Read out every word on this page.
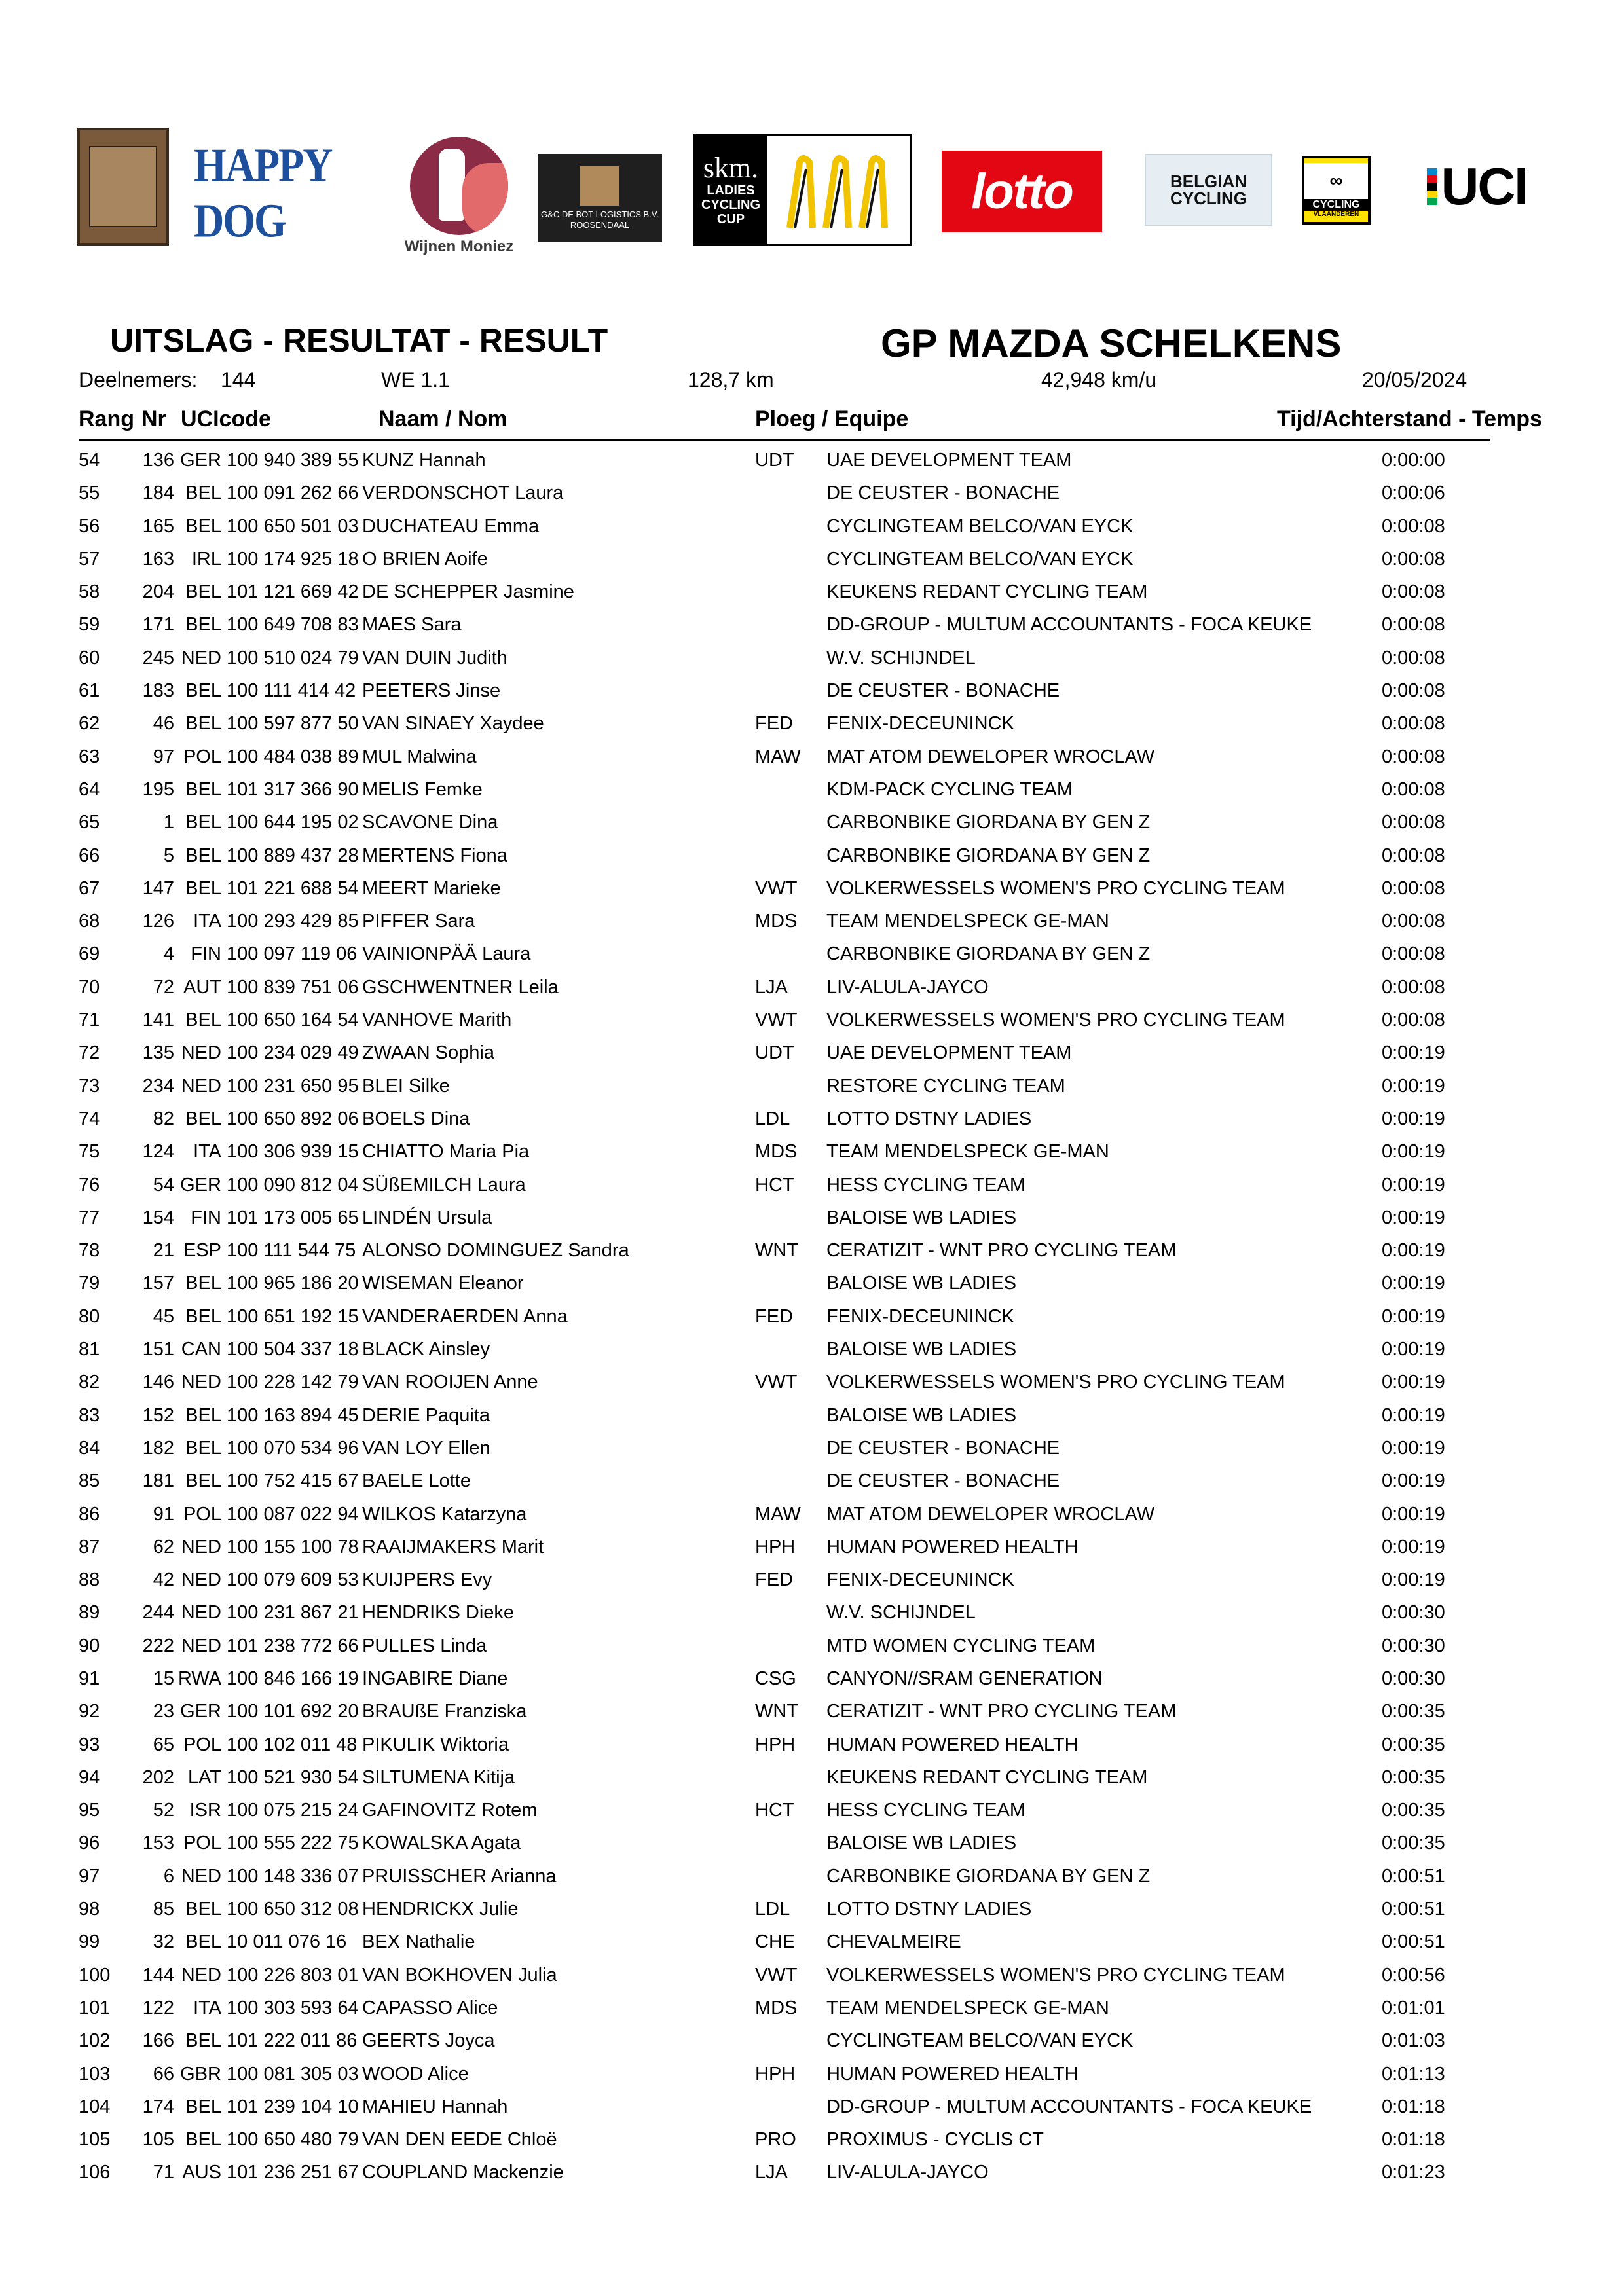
HAPPY DOG	Wijnen Moniez
G&C DE BOT LOGISTICS B.V. ROOSENDAAL
skm.
LADIES CYCLING CUP	lotto	BELGIAN CYCLING
∞
CYCLING
VLAANDEREN UCI
UITSLAG - RESULTAT - RESULT	GP MAZDA SCHELKENS
Deelnemers: 144	WE 1.1	128,7 km	42,948 km/u	20/05/2024
Rang Nr UCIcode	Naam / Nom	Ploeg / Equipe	Tijd/Achterstand - Temps
54	136 GER 100 940 389 55 KUNZ Hannah	UDT UAE DEVELOPMENT TEAM	0:00:00
55	184 BEL 100 091 262 66 VERDONSCHOT Laura	DE CEUSTER - BONACHE	0:00:06
56	165 BEL 100 650 501 03 DUCHATEAU Emma	CYCLINGTEAM BELCO/VAN EYCK	0:00:08
57	163 IRL 100 174 925 18 O BRIEN Aoife	CYCLINGTEAM BELCO/VAN EYCK	0:00:08
58	204 BEL 101 121 669 42 DE SCHEPPER Jasmine	KEUKENS REDANT CYCLING TEAM	0:00:08
59	171 BEL 100 649 708 83 MAES Sara	DD-GROUP - MULTUM ACCOUNTANTS - FOCA KEUKE	0:00:08
60	245 NED 100 510 024 79 VAN DUIN Judith	W.V. SCHIJNDEL	0:00:08
61	183 BEL 100 111 414 42 PEETERS Jinse	DE CEUSTER - BONACHE	0:00:08
62	46 BEL 100 597 877 50 VAN SINAEY Xaydee	FED FENIX-DECEUNINCK	0:00:08
63	97 POL 100 484 038 89 MUL Malwina	MAW MAT ATOM DEWELOPER WROCLAW	0:00:08
64	195 BEL 101 317 366 90 MELIS Femke	KDM-PACK CYCLING TEAM	0:00:08
65	1 BEL 100 644 195 02 SCAVONE Dina	CARBONBIKE GIORDANA BY GEN Z	0:00:08
66	5 BEL 100 889 437 28 MERTENS Fiona	CARBONBIKE GIORDANA BY GEN Z	0:00:08
67	147 BEL 101 221 688 54 MEERT Marieke	VWT VOLKERWESSELS WOMEN'S PRO CYCLING TEAM	0:00:08
68	126	ITA 100 293 429 85 PIFFER Sara	MDS TEAM MENDELSPECK GE-MAN	0:00:08
69	4 FIN 100 097 119 06 VAINIONPÄÄ Laura	CARBONBIKE GIORDANA BY GEN Z	0:00:08
70	72 AUT 100 839 751 06 GSCHWENTNER Leila	LJA LIV-ALULA-JAYCO	0:00:08
71	141 BEL 100 650 164 54 VANHOVE Marith	VWT VOLKERWESSELS WOMEN'S PRO CYCLING TEAM	0:00:08
72	135 NED 100 234 029 49 ZWAAN Sophia	UDT UAE DEVELOPMENT TEAM	0:00:19
73	234 NED 100 231 650 95 BLEI Silke	RESTORE CYCLING TEAM	0:00:19
74	82 BEL 100 650 892 06 BOELS Dina	LDL LOTTO DSTNY LADIES	0:00:19
75	124	ITA 100 306 939 15 CHIATTO Maria Pia	MDS TEAM MENDELSPECK GE-MAN	0:00:19
76	54 GER 100 090 812 04 SÜßEMILCH Laura	HCT HESS CYCLING TEAM	0:00:19
77	154 FIN 101 173 005 65 LINDÉN Ursula	BALOISE WB LADIES	0:00:19
78	21 ESP 100 111 544 75 ALONSO DOMINGUEZ Sandra	WNT CERATIZIT - WNT PRO CYCLING TEAM	0:00:19
79	157 BEL 100 965 186 20 WISEMAN Eleanor	BALOISE WB LADIES	0:00:19
80	45 BEL 100 651 192 15 VANDERAERDEN Anna	FED FENIX-DECEUNINCK	0:00:19
81	151 CAN 100 504 337 18 BLACK Ainsley	BALOISE WB LADIES	0:00:19
82	146 NED 100 228 142 79 VAN ROOIJEN Anne	VWT VOLKERWESSELS WOMEN'S PRO CYCLING TEAM	0:00:19
83	152 BEL 100 163 894 45 DERIE Paquita	BALOISE WB LADIES	0:00:19
84	182 BEL 100 070 534 96 VAN LOY Ellen	DE CEUSTER - BONACHE	0:00:19
85	181 BEL 100 752 415 67 BAELE Lotte	DE CEUSTER - BONACHE	0:00:19
86	91 POL 100 087 022 94 WILKOS Katarzyna	MAW MAT ATOM DEWELOPER WROCLAW	0:00:19
87	62 NED 100 155 100 78 RAAIJMAKERS Marit	HPH HUMAN POWERED HEALTH	0:00:19
88	42 NED 100 079 609 53 KUIJPERS Evy	FED FENIX-DECEUNINCK	0:00:19
89	244 NED 100 231 867 21 HENDRIKS Dieke	W.V. SCHIJNDEL	0:00:30
90	222 NED 101 238 772 66 PULLES Linda	MTD WOMEN CYCLING TEAM	0:00:30
91	15 RWA 100 846 166 19 INGABIRE Diane	CSG CANYON//SRAM GENERATION	0:00:30
92	23 GER 100 101 692 20 BRAUßE Franziska	WNT CERATIZIT - WNT PRO CYCLING TEAM	0:00:35
93	65 POL 100 102 011 48 PIKULIK Wiktoria	HPH HUMAN POWERED HEALTH	0:00:35
94	202 LAT 100 521 930 54 SILTUMENA Kitija	KEUKENS REDANT CYCLING TEAM	0:00:35
95	52 ISR 100 075 215 24 GAFINOVITZ Rotem	HCT HESS CYCLING TEAM	0:00:35
96	153 POL 100 555 222 75 KOWALSKA Agata	BALOISE WB LADIES	0:00:35
97	6 NED 100 148 336 07 PRUISSCHER Arianna	CARBONBIKE GIORDANA BY GEN Z	0:00:51
98	85 BEL 100 650 312 08 HENDRICKX Julie	LDL LOTTO DSTNY LADIES	0:00:51
99	32 BEL 10 011 076 16 BEX Nathalie	CHE CHEVALMEIRE	0:00:51
100	144 NED 100 226 803 01 VAN BOKHOVEN Julia	VWT VOLKERWESSELS WOMEN'S PRO CYCLING TEAM	0:00:56
101	122	ITA 100 303 593 64 CAPASSO Alice	MDS TEAM MENDELSPECK GE-MAN	0:01:01
102	166 BEL 101 222 011 86 GEERTS Joyca	CYCLINGTEAM BELCO/VAN EYCK	0:01:03
103	66 GBR 100 081 305 03 WOOD Alice	HPH HUMAN POWERED HEALTH	0:01:13
104	174 BEL 101 239 104 10 MAHIEU Hannah	DD-GROUP - MULTUM ACCOUNTANTS - FOCA KEUKE	0:01:18
105	105 BEL 100 650 480 79 VAN DEN EEDE Chloë	PRO PROXIMUS - CYCLIS CT	0:01:18
106	71 AUS 101 236 251 67 COUPLAND Mackenzie	LJA LIV-ALULA-JAYCO	0:01:23
